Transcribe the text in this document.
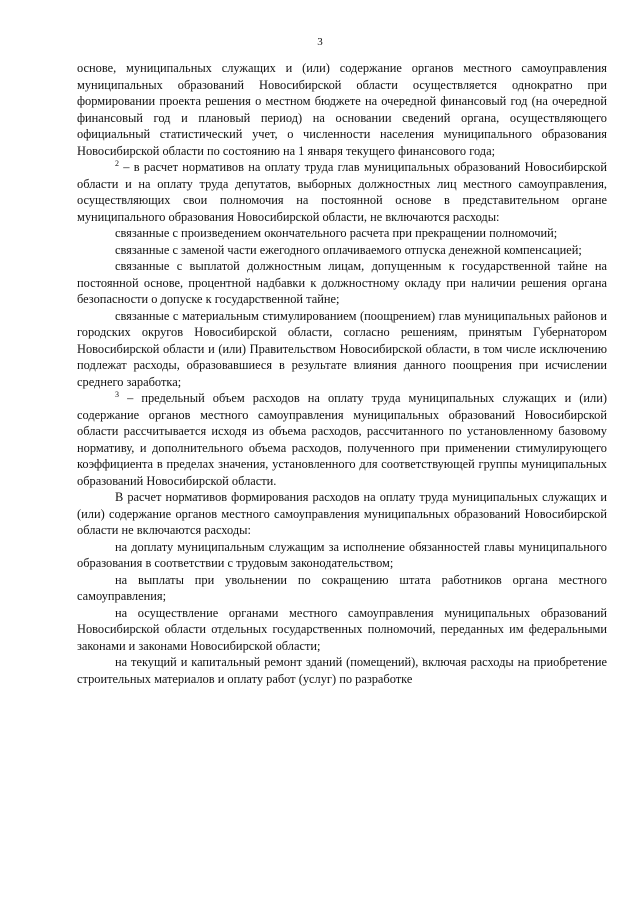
3

основе, муниципальных служащих и (или) содержание органов местного самоуправления муниципальных образований Новосибирской области осуществляется однократно при формировании проекта решения о местном бюджете на очередной финансовый год (на очередной финансовый год и плановый период) на основании сведений органа, осуществляющего официальный статистический учет, о численности населения муниципального образования Новосибирской области по состоянию на 1 января текущего финансового года;

$^2$ – в расчет нормативов на оплату труда глав муниципальных образований Новосибирской области и на оплату труда депутатов, выборных должностных лиц местного самоуправления, осуществляющих свои полномочия на постоянной основе в представительном органе муниципального образования Новосибирской области, не включаются расходы:

связанные с произведением окончательного расчета при прекращении полномочий;

связанные с заменой части ежегодного оплачиваемого отпуска денежной компенсацией;

связанные с выплатой должностным лицам, допущенным к государственной тайне на постоянной основе, процентной надбавки к должностному окладу при наличии решения органа безопасности о допуске к государственной тайне;

связанные с материальным стимулированием (поощрением) глав муниципальных районов и городских округов Новосибирской области, согласно решениям, принятым Губернатором Новосибирской области и (или) Правительством Новосибирской области, в том числе исключению подлежат расходы, образовавшиеся в результате влияния данного поощрения при исчислении среднего заработка;

$^3$ – предельный объем расходов на оплату труда муниципальных служащих и (или) содержание органов местного самоуправления муниципальных образований Новосибирской области рассчитывается исходя из объема расходов, рассчитанного по установленному базовому нормативу, и дополнительного объема расходов, полученного при применении стимулирующего коэффициента в пределах значения, установленного для соответствующей группы муниципальных образований Новосибирской области.

В расчет нормативов формирования расходов на оплату труда муниципальных служащих и (или) содержание органов местного самоуправления муниципальных образований Новосибирской области не включаются расходы:

на доплату муниципальным служащим за исполнение обязанностей главы муниципального образования в соответствии с трудовым законодательством;

на выплаты при увольнении по сокращению штата работников органа местного самоуправления;

на осуществление органами местного самоуправления муниципальных образований Новосибирской области отдельных государственных полномочий, переданных им федеральными законами и законами Новосибирской области;

на текущий и капитальный ремонт зданий (помещений), включая расходы на приобретение строительных материалов и оплату работ (услуг) по разработке
